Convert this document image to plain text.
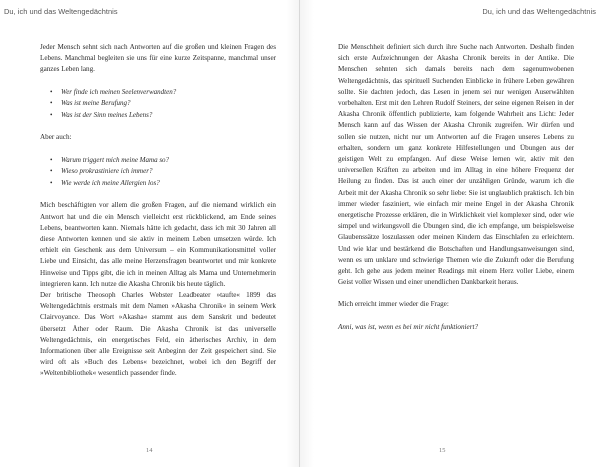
Du, ich und das Weltengedächtnis

Jeder Mensch sehnt sich nach Antworten auf die großen und kleinen Fragen des Lebens. Manchmal begleiten sie uns für eine kurze Zeitspanne, manchmal unser ganzes Leben lang.

• Wer finde ich meinen Seelenverwandten?
• Was ist meine Berufung?
• Was ist der Sinn meines Lebens?

Aber auch:

• Warum triggert mich meine Mama so?
• Wieso prokrastiniere ich immer?
• Wie werde ich meine Allergien los?

Mich beschäftigten vor allem die großen Fragen, auf die niemand wirklich ein Antwort hat und die ein Mensch vielleicht erst rückblickend, am Ende seines Lebens, beantworten kann. Niemals hätte ich gedacht, dass ich mit 30 Jahren all diese Antworten kennen und sie aktiv in meinem Leben umsetzen würde. Ich erhielt ein Geschenk aus dem Universum – ein Kommunikationsmittel voller Liebe und Einsicht, das alle meine Herzensfragen beantwortet und mir konkrete Hinweise und Tipps gibt, die ich in meinen Alltag als Mama und Unternehmerin integrieren kann. Ich nutze die Akasha Chronik bis heute täglich.

Der britische Theosoph Charles Webster Leadbeater »taufte« 1899 das Weltengedächtnis erstmals mit dem Namen »Akasha Chronik« in seinem Werk Clairvoyance. Das Wort »Akasha« stammt aus dem Sanskrit und bedeutet übersetzt Äther oder Raum. Die Akasha Chronik ist das universelle Weltengedächtnis, ein energetisches Feld, ein ätherisches Archiv, in dem Informationen über alle Ereignisse seit Anbeginn der Zeit gespeichert sind. Sie wird oft als »Buch des Lebens« bezeichnet, wobei ich den Begriff der »Weltenbibliothek« wesentlich passender finde.

14
Du, ich und das Weltengedächtnis

Die Menschheit definiert sich durch ihre Suche nach Antworten. Deshalb finden sich erste Aufzeichnungen der Akasha Chronik bereits in der Antike. Die Menschen sehnten sich damals bereits nach dem sagenumwobenen Weltengedächtnis, das spirituell Suchenden Einblicke in frühere Leben gewähren sollte. Sie dachten jedoch, das Lesen in jenem sei nur wenigen Auserwählten vorbehalten. Erst mit den Lehren Rudolf Steiners, der seine eigenen Reisen in der Akasha Chronik öffentlich publizierte, kam folgende Wahrheit ans Licht: Jeder Mensch kann auf das Wissen der Akasha Chronik zugreifen. Wir dürfen und sollen sie nutzen, nicht nur um Antworten auf die Fragen unseres Lebens zu erhalten, sondern um ganz konkrete Hilfestellungen und Übungen aus der geistigen Welt zu empfangen. Auf diese Weise lernen wir, aktiv mit den universellen Kräften zu arbeiten und im Alltag in eine höhere Frequenz der Heilung zu finden. Das ist auch einer der unzähligen Gründe, warum ich die Arbeit mit der Akasha Chronik so sehr liebe: Sie ist unglaublich praktisch. Ich bin immer wieder fasziniert, wie einfach mir meine Engel in der Akasha Chronik energetische Prozesse erklären, die in Wirklichkeit viel komplexer sind, oder wie simpel und wirkungsvoll die Übungen sind, die ich empfange, um beispielsweise Glaubenssätze loszulassen oder meinen Kindern das Einschlafen zu erleichtern. Und wie klar und bestärkend die Botschaften und Handlungsanweisungen sind, wenn es um unklare und schwierige Themen wie die Zukunft oder die Berufung geht. Ich gehe aus jedem meiner Readings mit einem Herz voller Liebe, einem Geist voller Wissen und einer unendlichen Dankbarkeit heraus.

Mich erreicht immer wieder die Frage:

Anni, was ist, wenn es bei mir nicht funktioniert?

15
